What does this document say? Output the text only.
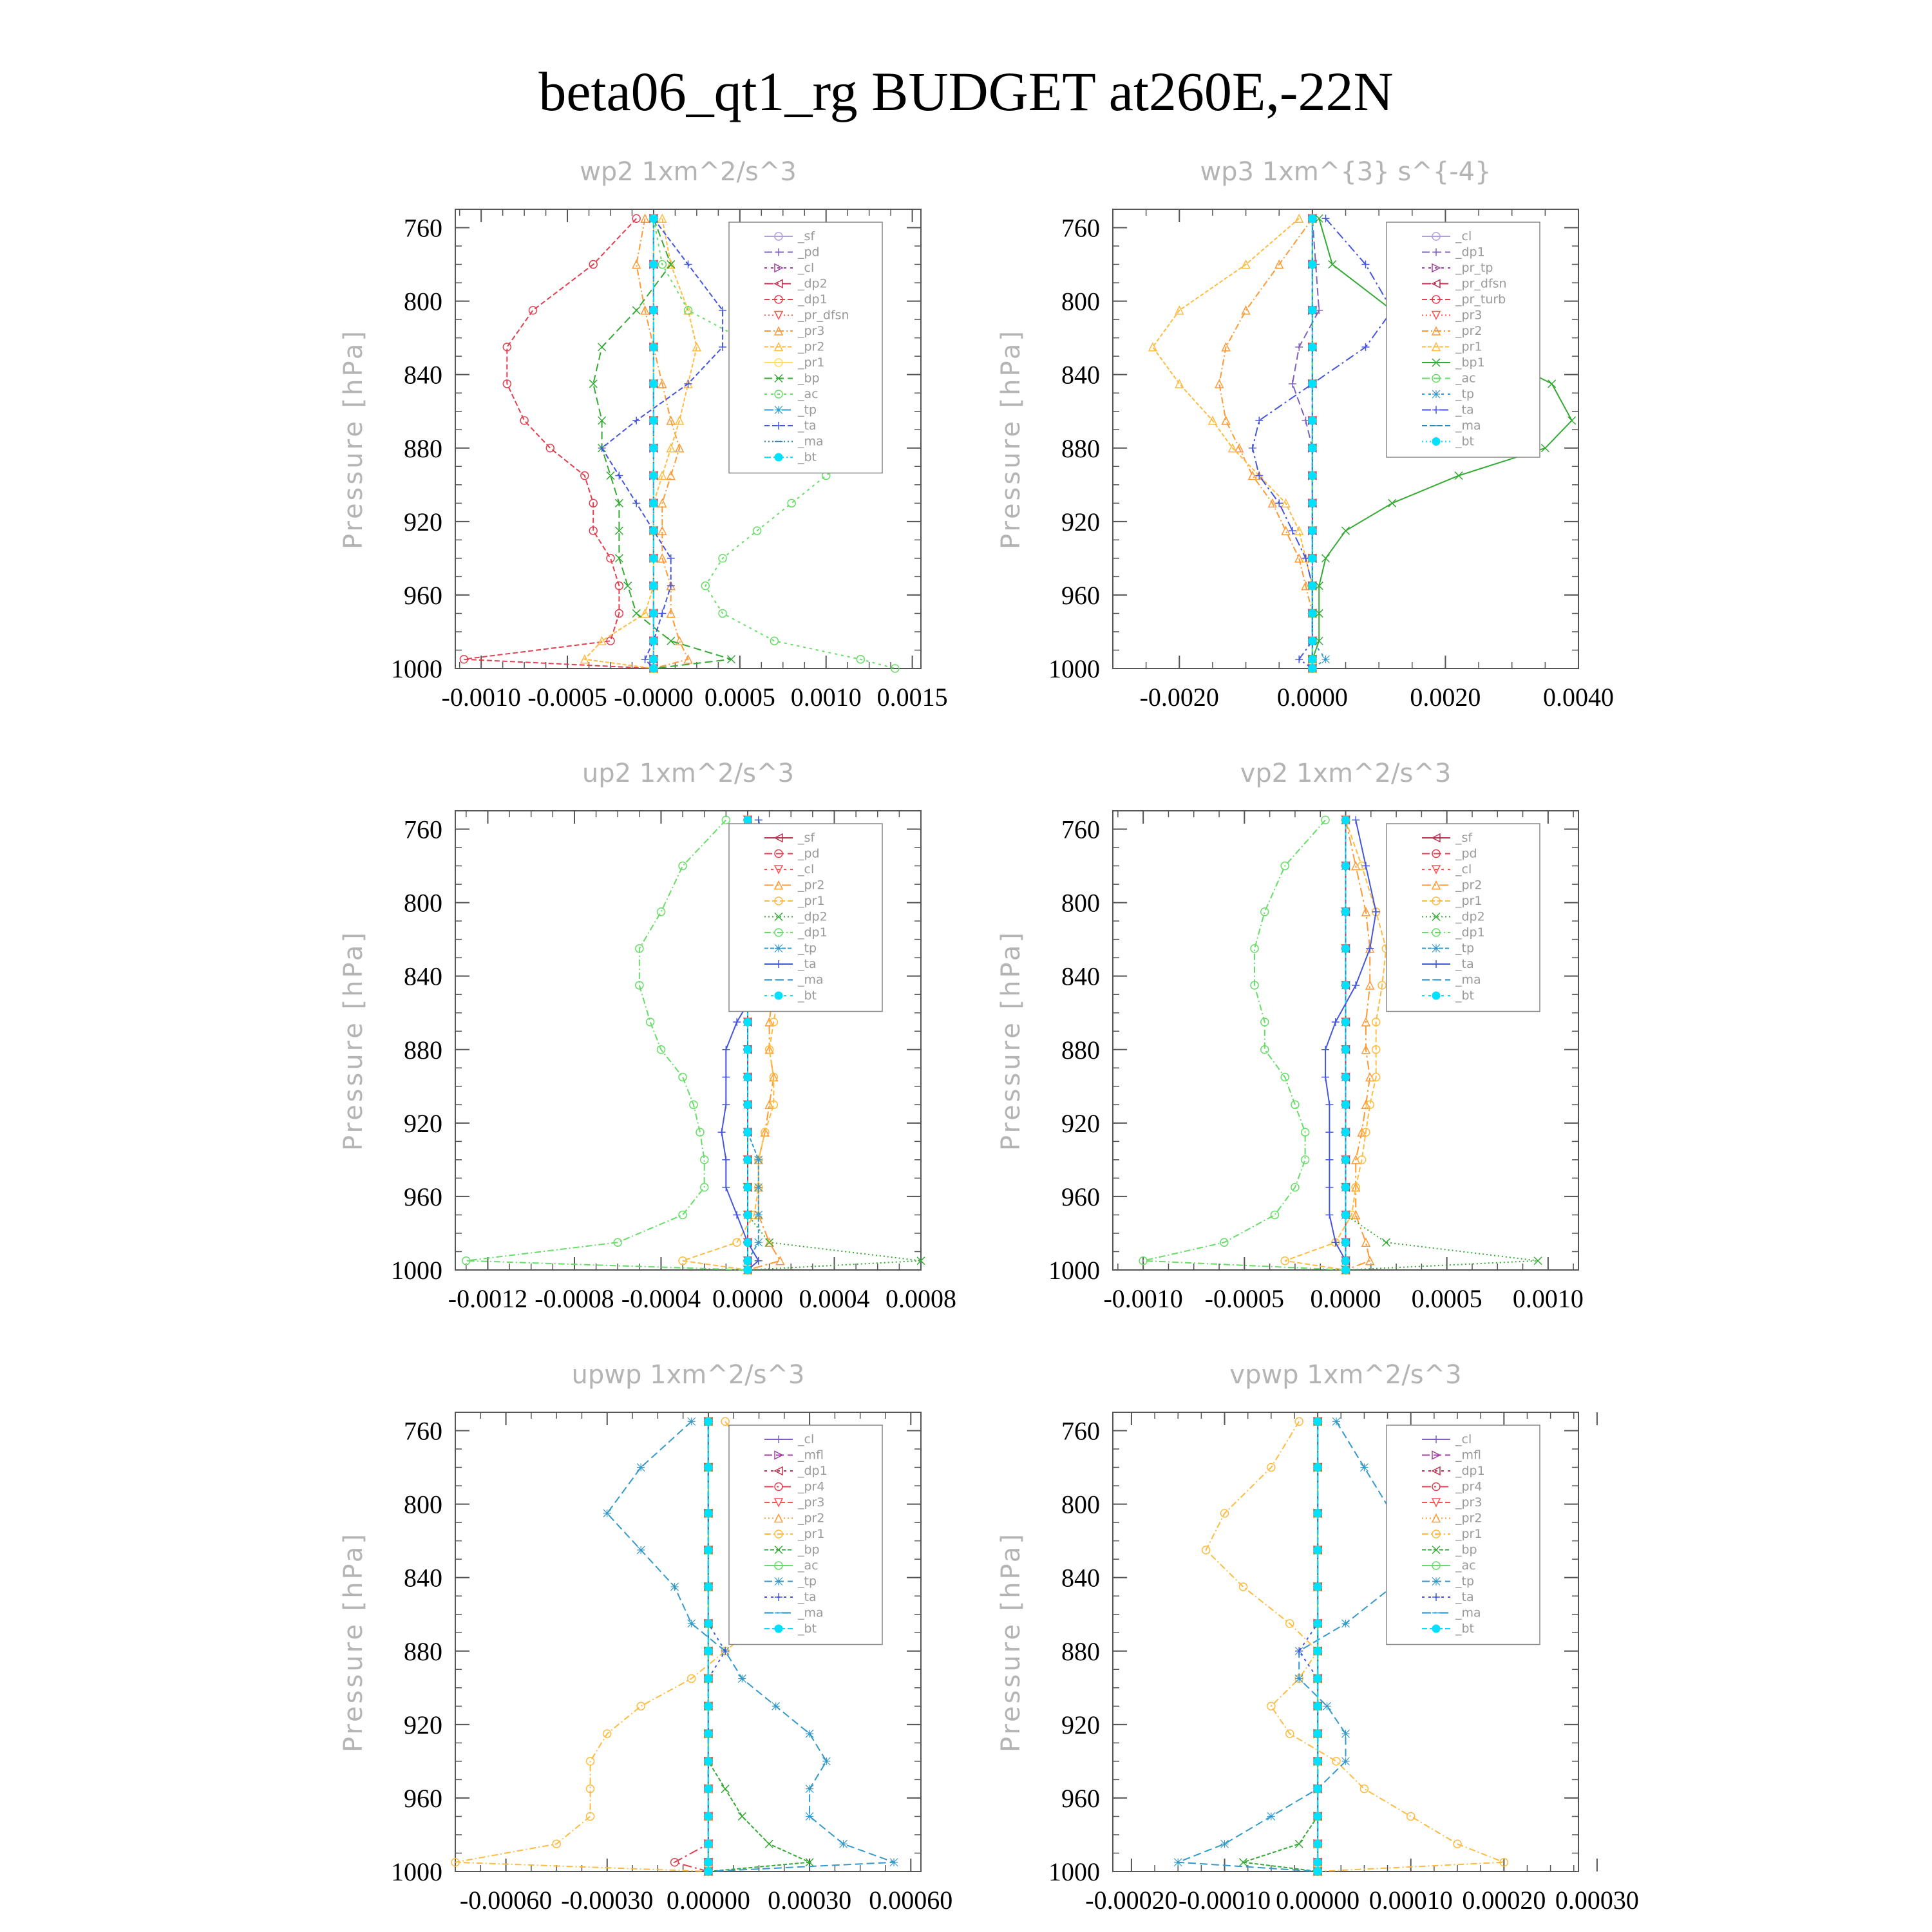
beta06_qt1_rg BUDGET at260E,-22N
wp2 1xm^2/s^3
Pressure [hPa]
-0.0010 -0.0005 -0.0000 0.0005 0.0010 0.0015
760
800
840
880
920
960
1000
_sf
_pd
_cl
_dp2
_dp1
_pr_dfsn
_pr3
_pr2
_pr1
_bp
_ac
_tp
_ta
_ma
_bt
wp3 1xm^{3} s^{-4}
Pressure [hPa]
-0.0020 0.0000 0.0020 0.0040
760
800
840
880
920
960
1000
_cl
_dp1
_pr_tp
_pr_dfsn
_pr_turb
_pr3
_pr2
_pr1
_bp1
_ac
_tp
_ta
_ma
_bt
up2 1xm^2/s^3
Pressure [hPa]
-0.0012 -0.0008 -0.0004 0.0000 0.0004 0.0008
760
800
840
880
920
960
1000
_sf
_pd
_cl
_pr2
_pr1
_dp2
_dp1
_tp
_ta
_ma
_bt
vp2 1xm^2/s^3
Pressure [hPa]
-0.0010 -0.0005 0.0000 0.0005 0.0010
760
800
840
880
920
960
1000
_sf
_pd
_cl
_pr2
_pr1
_dp2
_dp1
_tp
_ta
_ma
_bt
upwp 1xm^2/s^3
Pressure [hPa]
-0.00060 -0.00030 0.00000 0.00030 0.00060
760
800
840
880
920
960
1000
_cl
_mfl
_dp1
_pr4
_pr3
_pr2
_pr1
_bp
_ac
_tp
_ta
_ma
_bt
vpwp 1xm^2/s^3
Pressure [hPa]
-0.00020 -0.00010 0.00000 0.00010 0.00020 0.00030
760
800
840
880
920
960
1000
_cl
_mfl
_dp1
_pr4
_pr3
_pr2
_pr1
_bp
_ac
_tp
_ta
_ma
_bt
